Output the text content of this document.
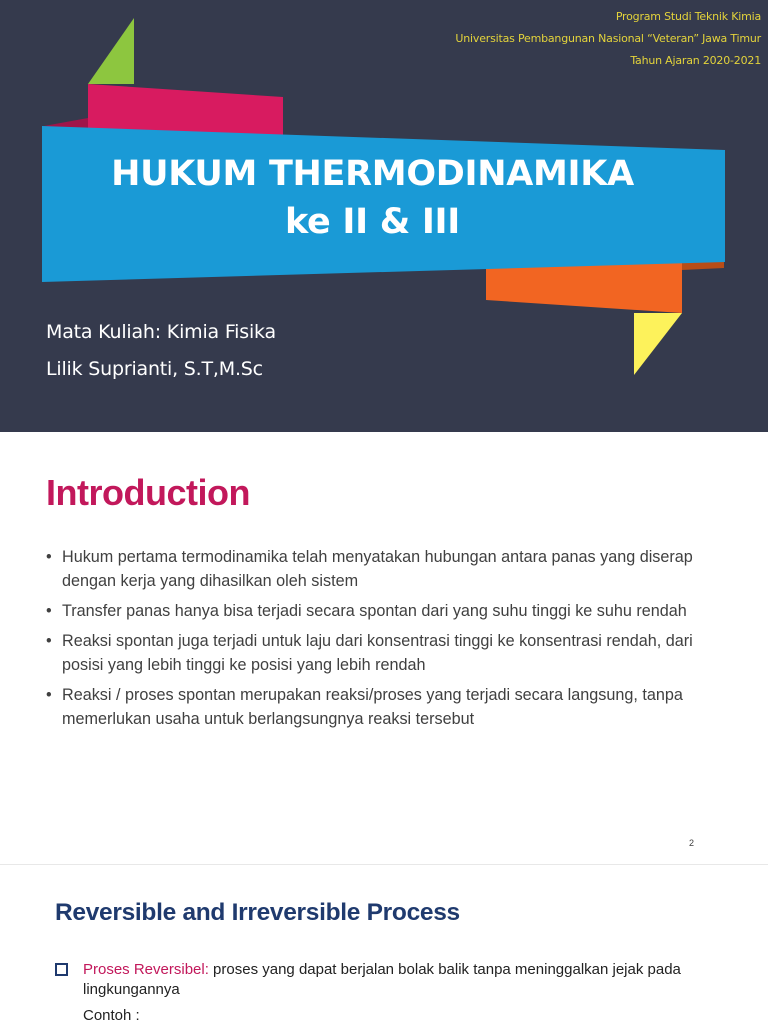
Program Studi Teknik Kimia
Universitas Pembangunan Nasional “Veteran” Jawa Timur
Tahun Ajaran 2020-2021
HUKUM THERMODINAMIKA
ke II & III
Mata Kuliah: Kimia Fisika
Lilik Suprianti, S.T,M.Sc
Introduction
• Hukum pertama termodinamika telah menyatakan hubungan antara panas yang diserap dengan kerja yang dihasilkan oleh sistem
• Transfer panas hanya bisa terjadi secara spontan dari yang suhu tinggi ke suhu rendah
• Reaksi spontan juga terjadi untuk laju dari konsentrasi tinggi ke konsentrasi rendah, dari posisi yang lebih tinggi ke posisi yang lebih rendah
• Reaksi / proses spontan merupakan reaksi/proses yang terjadi secara langsung, tanpa memerlukan usaha untuk berlangsungnya reaksi tersebut
2
Reversible and Irreversible Process
Proses Reversibel: proses yang dapat berjalan bolak balik tanpa meninggalkan jejak pada lingkungannya
Contoh :
